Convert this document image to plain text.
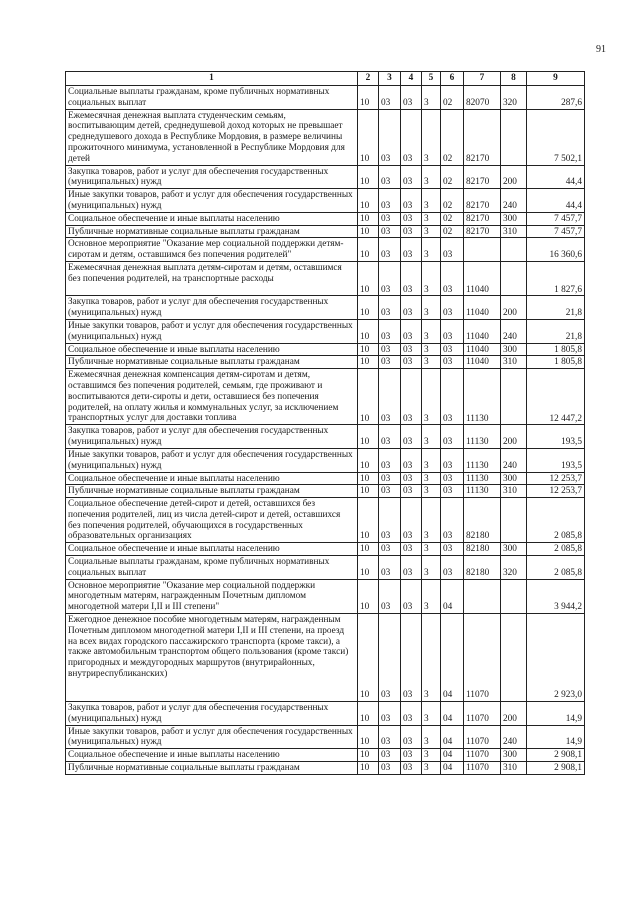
91
1	2	3	4	5	6	7	8	9
Социальные выплаты гражданам, кроме публичных нормативных социальных выплат	10	03	03	3	02	82070	320	287,6
Ежемесячная денежная выплата студенческим семьям, воспитывающим детей, среднедушевой доход которых не превышает среднедушевого дохода в Республике Мордовия, в размере величины прожиточного минимума, установленной в Республике Мордовия для детей	10	03	03	3	02	82170		7 502,1
Закупка товаров, работ и услуг для обеспечения государственных (муниципальных) нужд	10	03	03	3	02	82170	200	44,4
Иные закупки товаров, работ и услуг для обеспечения государственных (муниципальных) нужд	10	03	03	3	02	82170	240	44,4
Социальное обеспечение и иные выплаты населению	10	03	03	3	02	82170	300	7 457,7
Публичные нормативные социальные выплаты гражданам	10	03	03	3	02	82170	310	7 457,7
Основное мероприятие "Оказание мер социальной поддержки детям-сиротам и детям, оставшимся без попечения родителей"	10	03	03	3	03			16 360,6
Ежемесячная денежная выплата детям-сиротам и детям, оставшимся без попечения родителей, на транспортные расходы	10	03	03	3	03	11040		1 827,6
Закупка товаров, работ и услуг для обеспечения государственных (муниципальных) нужд	10	03	03	3	03	11040	200	21,8
Иные закупки товаров, работ и услуг для обеспечения государственных (муниципальных) нужд	10	03	03	3	03	11040	240	21,8
Социальное обеспечение и иные выплаты населению	10	03	03	3	03	11040	300	1 805,8
Публичные нормативные социальные выплаты гражданам	10	03	03	3	03	11040	310	1 805,8
Ежемесячная денежная компенсация детям-сиротам и детям, оставшимся без попечения родителей, семьям, где проживают и воспитываются дети-сироты и дети, оставшиеся без попечения родителей, на оплату жилья и коммунальных услуг, за исключением транспортных услуг для доставки топлива	10	03	03	3	03	11130		12 447,2
Закупка товаров, работ и услуг для обеспечения государственных (муниципальных) нужд	10	03	03	3	03	11130	200	193,5
Иные закупки товаров, работ и услуг для обеспечения государственных (муниципальных) нужд	10	03	03	3	03	11130	240	193,5
Социальное обеспечение и иные выплаты населению	10	03	03	3	03	11130	300	12 253,7
Публичные нормативные социальные выплаты гражданам	10	03	03	3	03	11130	310	12 253,7
Социальное обеспечение детей-сирот и детей, оставшихся без попечения родителей, лиц из числа детей-сирот и детей, оставшихся без попечения родителей, обучающихся в государственных образовательных организациях	10	03	03	3	03	82180		2 085,8
Социальное обеспечение и иные выплаты населению	10	03	03	3	03	82180	300	2 085,8
Социальные выплаты гражданам, кроме публичных нормативных социальных выплат	10	03	03	3	03	82180	320	2 085,8
Основное мероприятие "Оказание мер социальной поддержки многодетным матерям, награжденным Почетным дипломом многодетной матери I,II и III степени"	10	03	03	3	04			3 944,2
Ежегодное денежное пособие многодетным матерям, награжденным Почетным дипломом многодетной матери I,II и III степени, на проезд на всех видах городского пассажирского транспорта (кроме такси), а также автомобильным транспортом общего пользования (кроме такси) пригородных и междугородных маршрутов (внутрирайонных, внутриреспубликанских)	10	03	03	3	04	11070		2 923,0
Закупка товаров, работ и услуг для обеспечения государственных (муниципальных) нужд	10	03	03	3	04	11070	200	14,9
Иные закупки товаров, работ и услуг для обеспечения государственных (муниципальных) нужд	10	03	03	3	04	11070	240	14,9
Социальное обеспечение и иные выплаты населению	10	03	03	3	04	11070	300	2 908,1
Публичные нормативные социальные выплаты гражданам	10	03	03	3	04	11070	310	2 908,1
